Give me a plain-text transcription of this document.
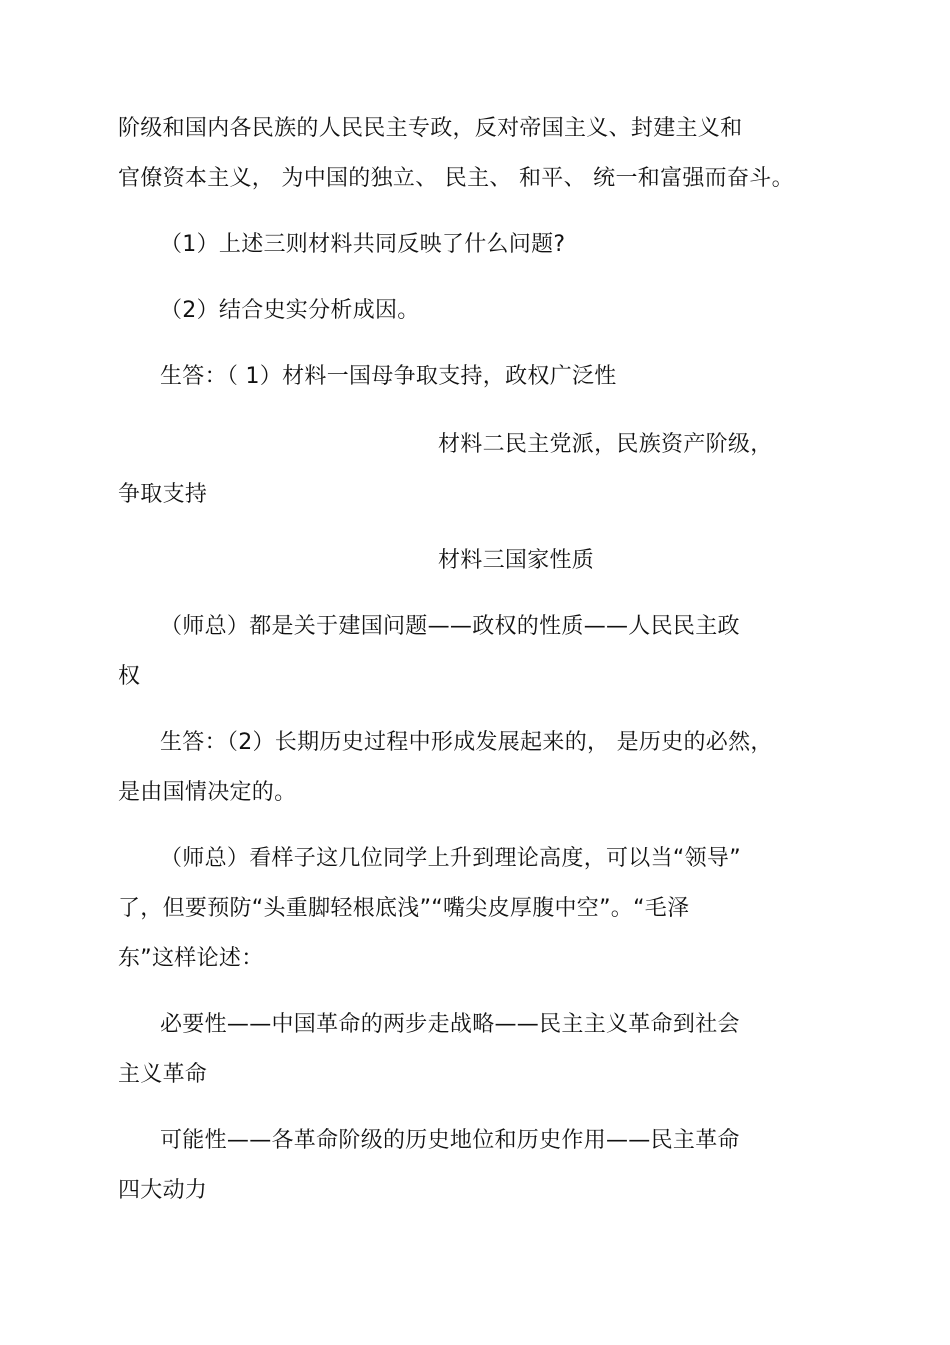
阶级和国内各民族的人民民主专政，反对帝国主义、封建主义和
官僚资本主义， 为中国的独立、 民主、 和平、 统一和富强而奋斗。
（1）上述三则材料共同反映了什么问题?
（2）结合史实分析成因。
生答：（ 1）材料一国母争取支持，政权广泛性
材料二民主党派，民族资产阶级，
争取支持
材料三国家性质
（师总）都是关于建国问题——政权的性质——人民民主政
权
生答：（2）长期历史过程中形成发展起来的， 是历史的必然，
是由国情决定的。
（师总）看样子这几位同学上升到理论高度，可以当“领导”
了，但要预防“头重脚轻根底浅”“嘴尖皮厚腹中空”。“毛泽
东”这样论述：
必要性——中国革命的两步走战略——民主主义革命到社会
主义革命
可能性——各革命阶级的历史地位和历史作用——民主革命
四大动力
